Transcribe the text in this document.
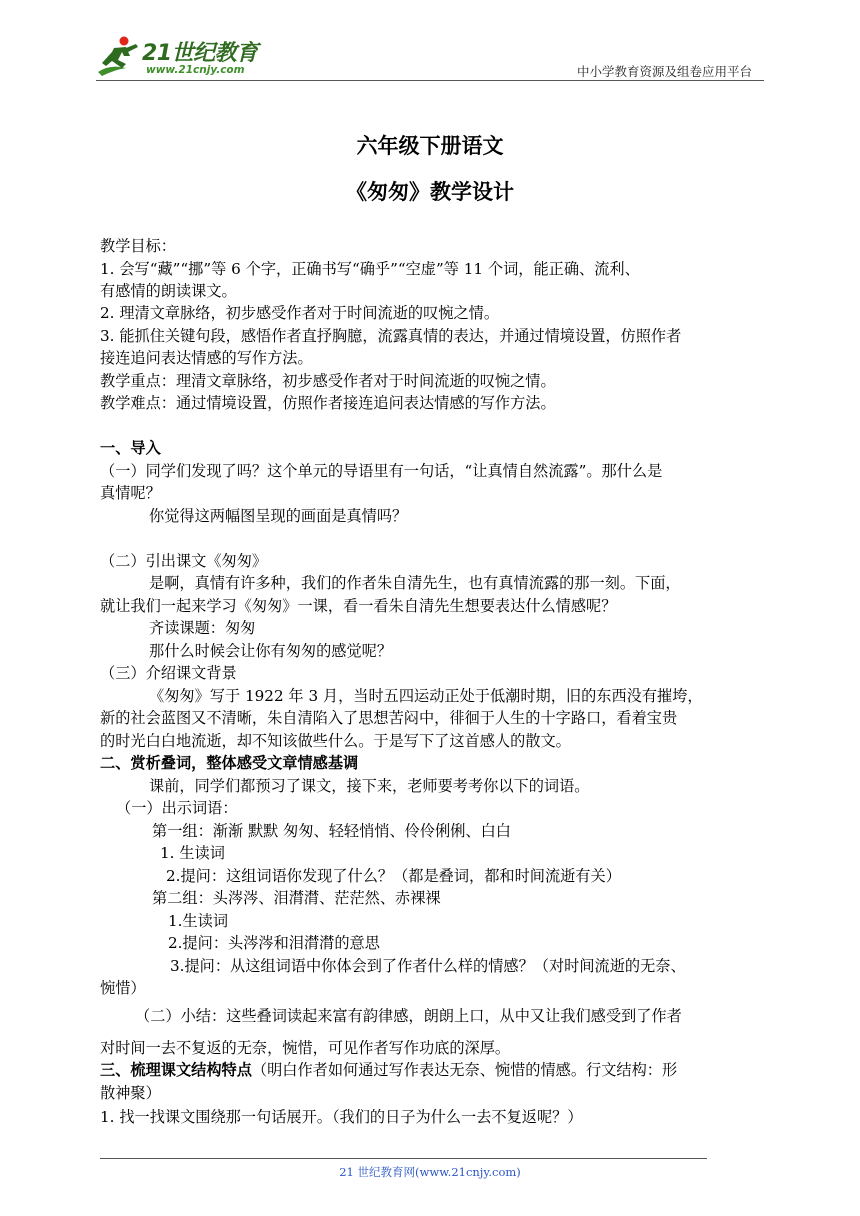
21世纪教育
www.21cnjy.com	中小学教育资源及组卷应用平台
六年级下册语文
《匆匆》教学设计
教学目标：
1. 会写“藏”“挪”等 6 个字，正确书写“确乎”“空虚”等 11 个词，能正确、流利、
有感情的朗读课文。
2. 理清文章脉络，初步感受作者对于时间流逝的叹惋之情。
3. 能抓住关键句段，感悟作者直抒胸臆，流露真情的表达，并通过情境设置，仿照作者
接连追问表达情感的写作方法。
教学重点：理清文章脉络，初步感受作者对于时间流逝的叹惋之情。
教学难点：通过情境设置，仿照作者接连追问表达情感的写作方法。
一、导入
（一）同学们发现了吗？这个单元的导语里有一句话，“让真情自然流露”。那什么是
真情呢？
你觉得这两幅图呈现的画面是真情吗？
（二）引出课文《匆匆》
是啊，真情有许多种，我们的作者朱自清先生，也有真情流露的那一刻。下面，
就让我们一起来学习《匆匆》一课，看一看朱自清先生想要表达什么情感呢？
齐读课题：匆匆
那什么时候会让你有匆匆的感觉呢？
（三）介绍课文背景
《匆匆》写于 1922 年 3 月，当时五四运动正处于低潮时期，旧的东西没有摧垮，
新的社会蓝图又不清晰，朱自清陷入了思想苦闷中，徘徊于人生的十字路口，看着宝贵
的时光白白地流逝，却不知该做些什么。于是写下了这首感人的散文。
二、赏析叠词，整体感受文章情感基调
课前，同学们都预习了课文，接下来，老师要考考你以下的词语。
（一）出示词语：
第一组：渐渐 默默 匆匆、轻轻悄悄、伶伶俐俐、白白
1. 生读词
2.提问：这组词语你发现了什么？（都是叠词，都和时间流逝有关）
第二组：头涔涔、泪潸潸、茫茫然、赤裸裸
1.生读词
2.提问：头涔涔和泪潸潸的意思
3.提问：从这组词语中你体会到了作者什么样的情感？（对时间流逝的无奈、
惋惜）
（二）小结：这些叠词读起来富有韵律感，朗朗上口，从中又让我们感受到了作者
对时间一去不复返的无奈，惋惜，可见作者写作功底的深厚。
三、梳理课文结构特点（明白作者如何通过写作表达无奈、惋惜的情感。行文结构：形
散神聚）
1. 找一找课文围绕那一句话展开。（我们的日子为什么一去不复返呢？）
21 世纪教育网(www.21cnjy.com)
